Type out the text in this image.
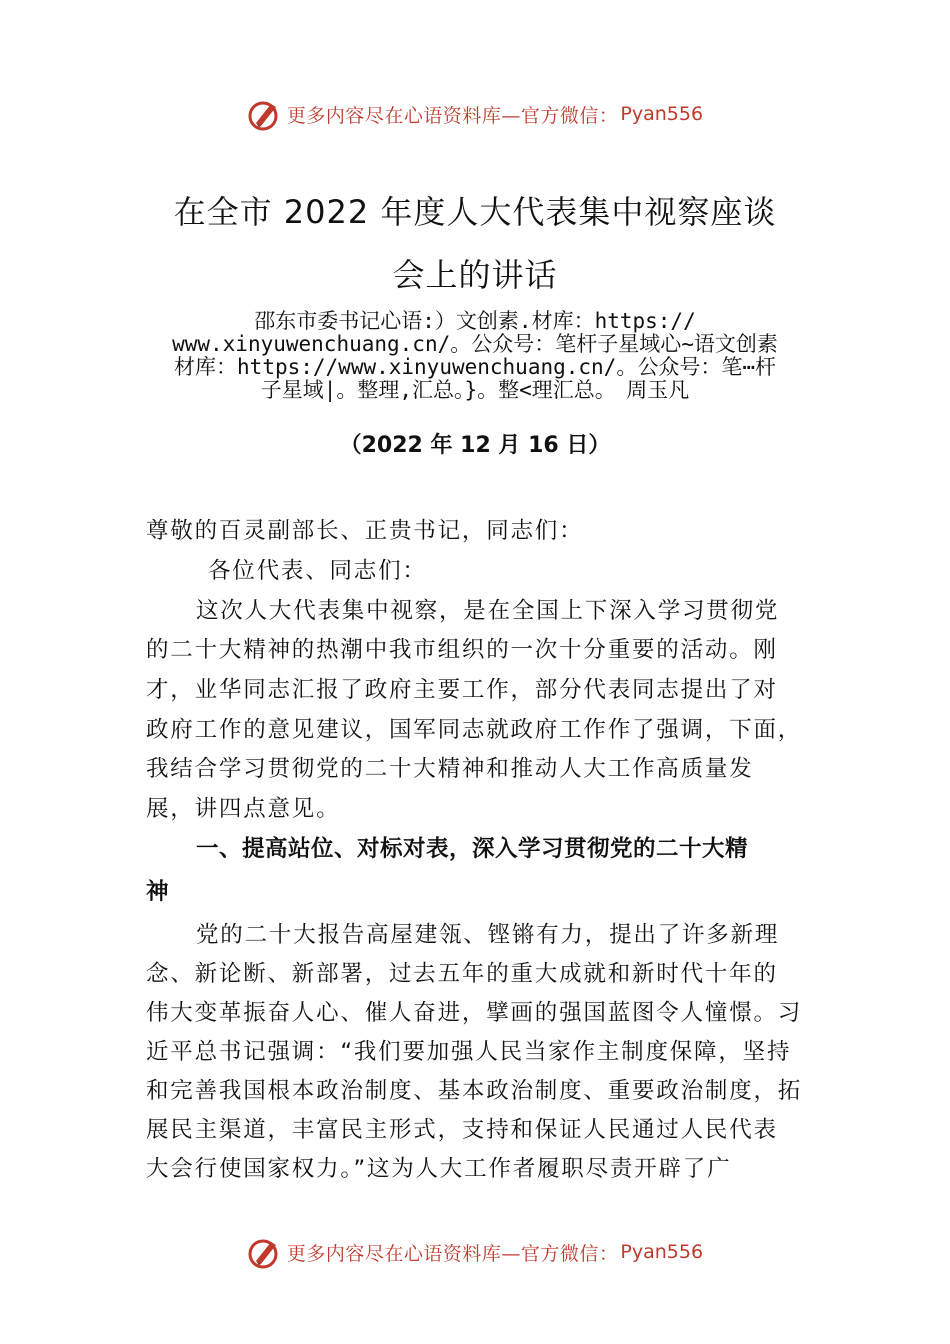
更多内容尽在心语资料库—官方微信： Pyan556
在全市 2022 年度人大代表集中视察座谈
会上的讲话
邵东市委书记心语:）文创素.材库：https://
www.xinyuwenchuang.cn/。公众号：笔杆子星域心~语文创素
材库：https://www.xinyuwenchuang.cn/。公众号：笔⋯杆
子星域|。整理,汇总。}。整<理汇总。　周玉凡
（2022 年 12 月 16 日）
尊敬的百灵副部长、正贵书记，同志们：
各位代表、同志们：
这次人大代表集中视察，是在全国上下深入学习贯彻党
的二十大精神的热潮中我市组织的一次十分重要的活动。刚
才，业华同志汇报了政府主要工作，部分代表同志提出了对
政府工作的意见建议，国军同志就政府工作作了强调，下面，
我结合学习贯彻党的二十大精神和推动人大工作高质量发
展，讲四点意见。
一、提高站位、对标对表，深入学习贯彻党的二十大精
神
党的二十大报告高屋建瓴、铿锵有力，提出了许多新理
念、新论断、新部署，过去五年的重大成就和新时代十年的
伟大变革振奋人心、催人奋进，擘画的强国蓝图令人憧憬。习
近平总书记强调：“我们要加强人民当家作主制度保障，坚持
和完善我国根本政治制度、基本政治制度、重要政治制度，拓
展民主渠道，丰富民主形式，支持和保证人民通过人民代表
大会行使国家权力。”这为人大工作者履职尽责开辟了广
更多内容尽在心语资料库—官方微信： Pyan556
